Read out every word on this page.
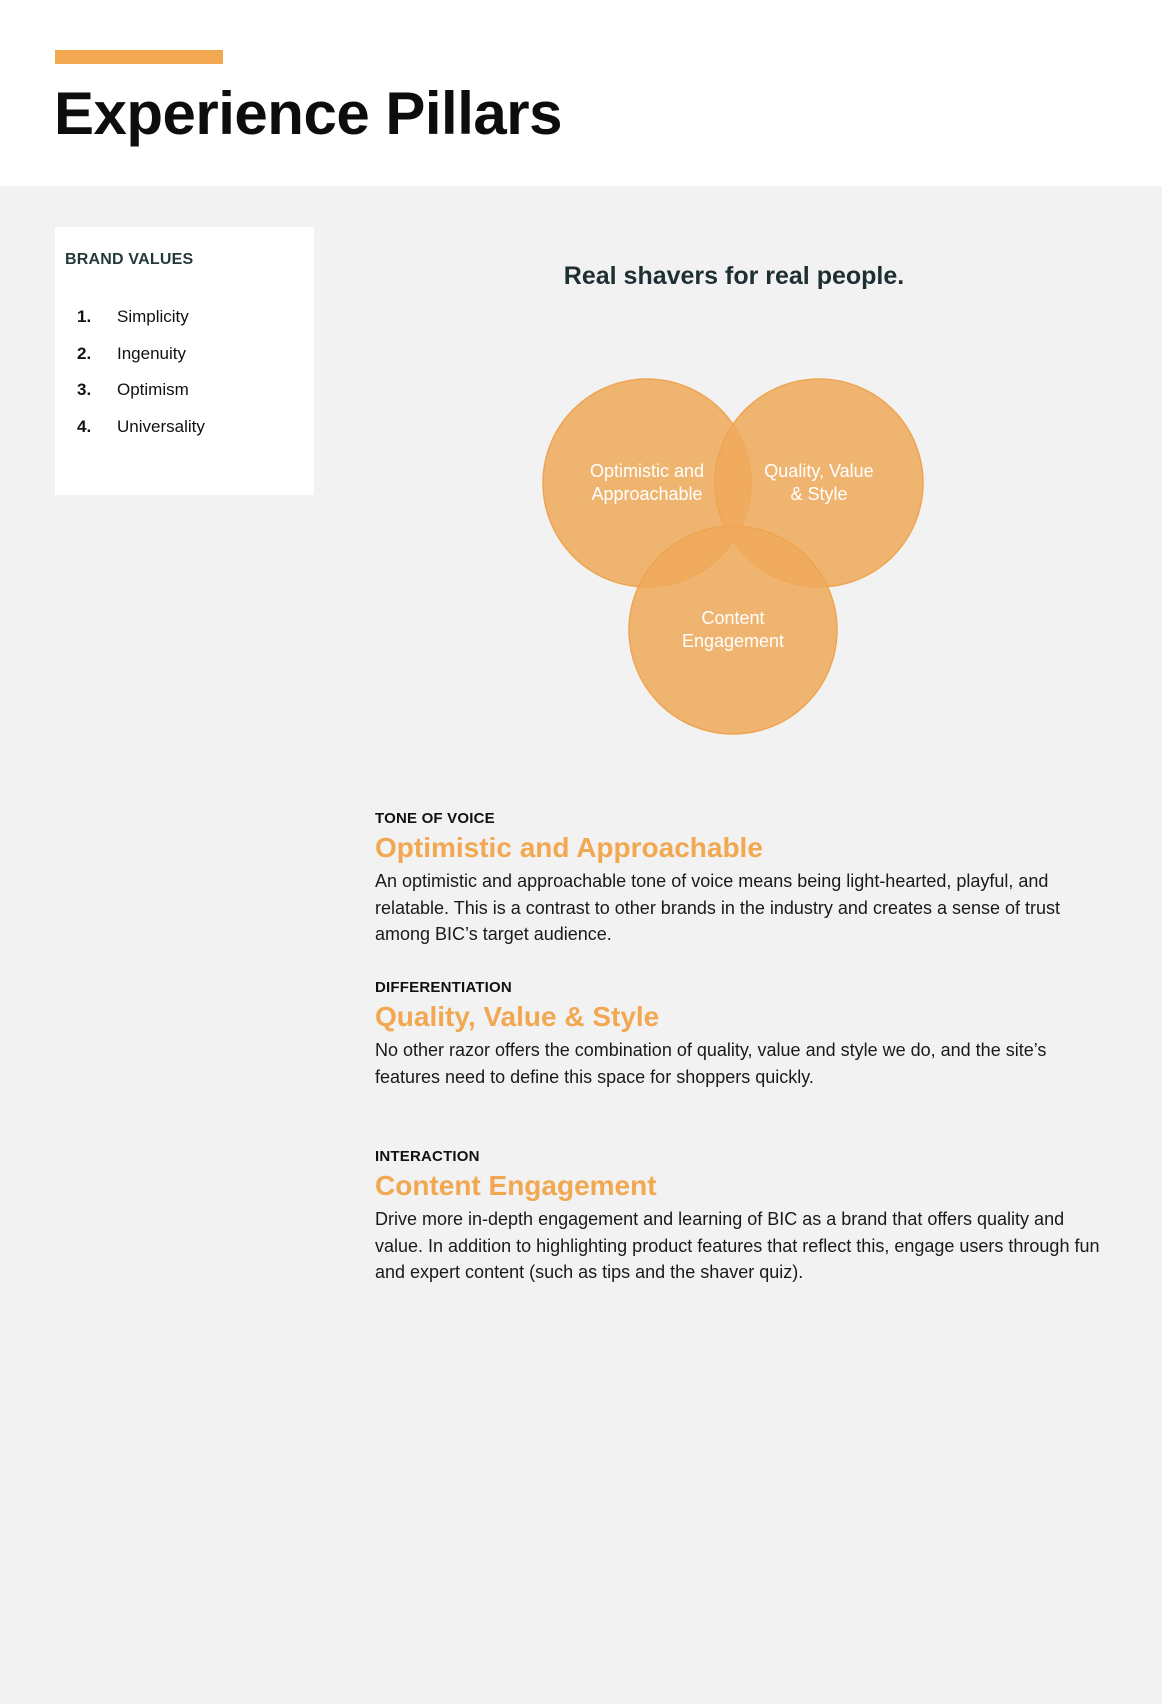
Experience Pillars
BRAND VALUES
1.	Simplicity
2.	Ingenuity
3.	Optimism
4.	Universality
Real shavers for real people.
Optimistic and
Approachable
Quality, Value
& Style
Content
Engagement

TONE OF VOICE

Optimistic and Approachable

An optimistic and approachable tone of voice means being light-hearted, playful, and relatable. This is a contrast to other brands in the industry and creates a sense of trust among BIC’s target audience.

DIFFERENTIATION

Quality, Value & Style

No other razor offers the combination of quality, value and style we do, and the site’s features need to define this space for shoppers quickly.

INTERACTION

Content Engagement

Drive more in-depth engagement and learning of BIC as a brand that offers quality and value. In addition to highlighting product features that reflect this, engage users through fun and expert content (such as tips and the shaver quiz).
